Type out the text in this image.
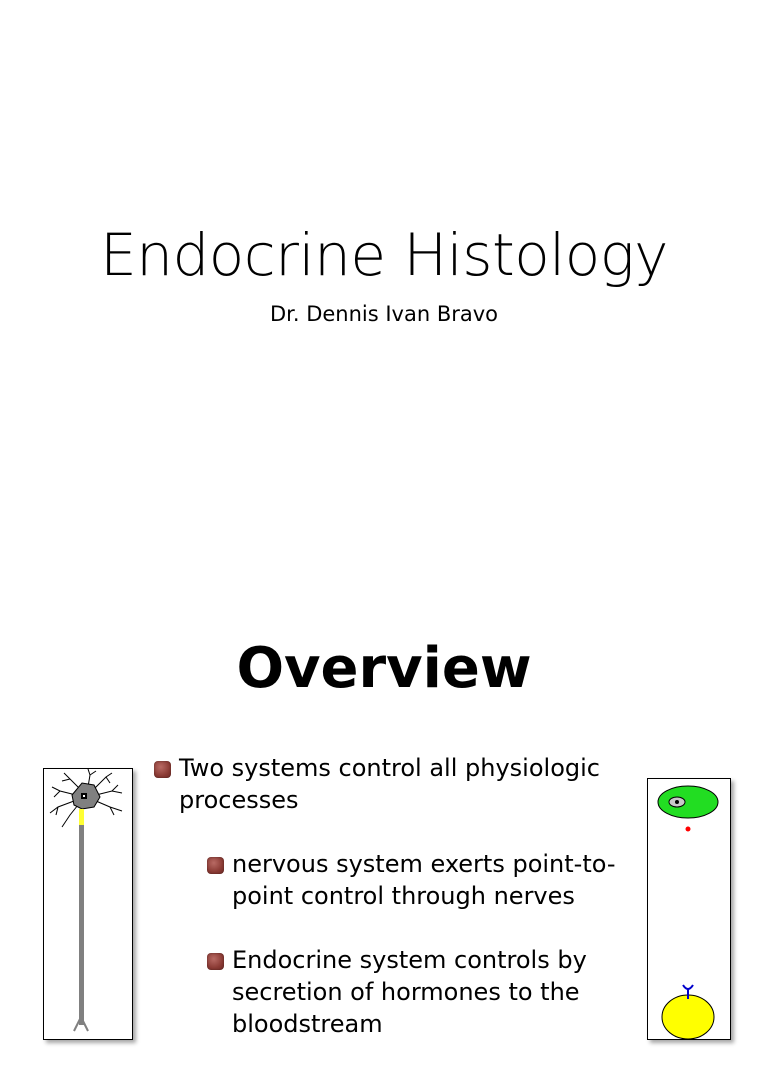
Endocrine Histology

Dr. Dennis Ivan Bravo

Overview
Two systems control all physiologic processes
nervous system exerts point-to-point control through nerves
Endocrine system controls by secretion of hormones to the bloodstream
